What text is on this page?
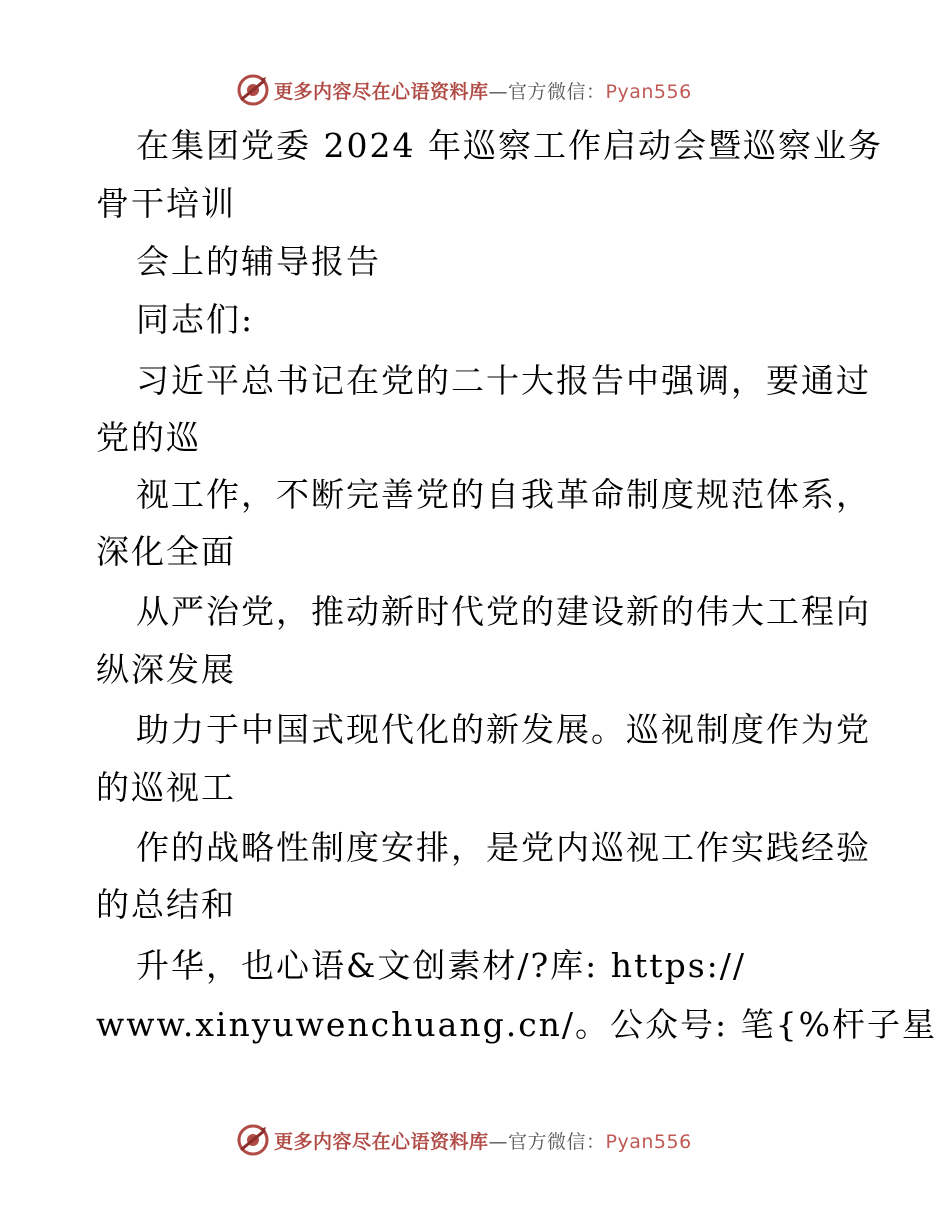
更多内容尽在心语资料库—官方微信：Pyan556
在集团党委 2024 年巡察工作启动会暨巡察业务
骨干培训
会上的辅导报告
同志们:
习近平总书记在党的二十大报告中强调，要通过
党的巡
视工作，不断完善党的自我革命制度规范体系，
深化全面
从严治党，推动新时代党的建设新的伟大工程向
纵深发展
助力于中国式现代化的新发展。巡视制度作为党
的巡视工
作的战略性制度安排，是党内巡视工作实践经验
的总结和
升华，也心语&文创素材/?库: https://
www.xinyuwenchuang.cn/。公众号: 笔{%杆子星
更多内容尽在心语资料库—官方微信：Pyan556
